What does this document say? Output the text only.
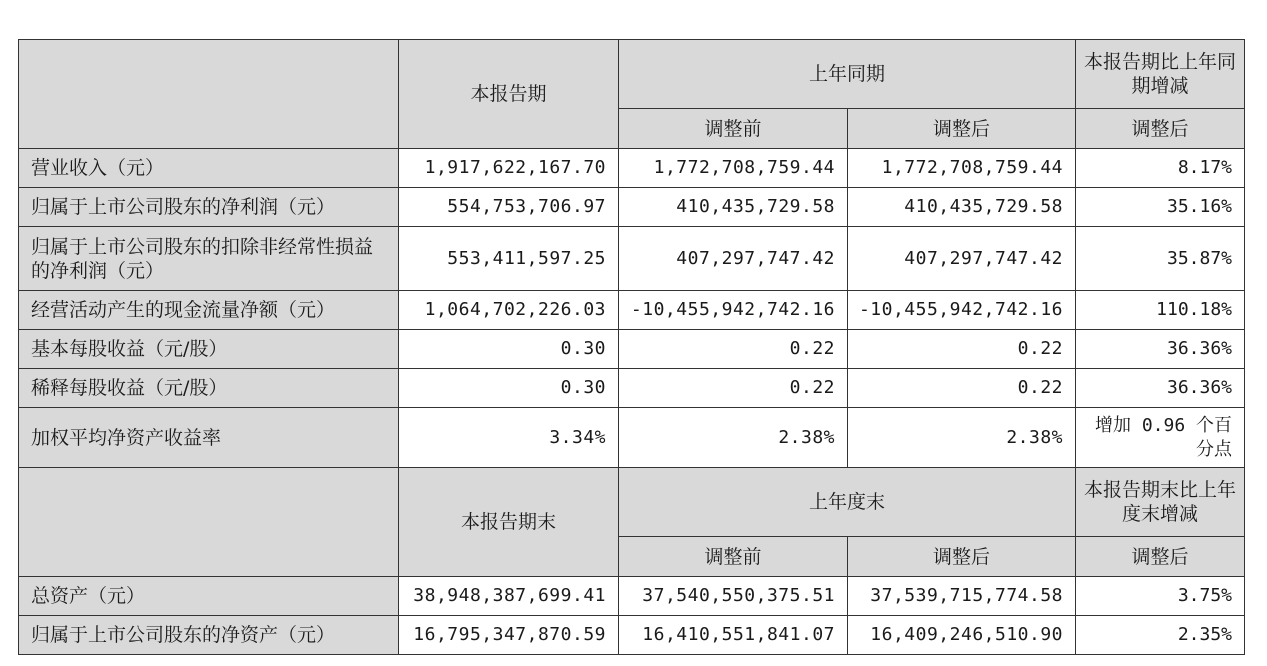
	本报告期	上年同期		本报告期比上年同期增减
		调整前	调整后	调整后
营业收入（元）	1,917,622,167.70	1,772,708,759.44	1,772,708,759.44	8.17%
归属于上市公司股东的净利润（元）	554,753,706.97	410,435,729.58	410,435,729.58	35.16%
归属于上市公司股东的扣除非经常性损益的净利润（元）	553,411,597.25	407,297,747.42	407,297,747.42	35.87%
经营活动产生的现金流量净额（元）	1,064,702,226.03	-10,455,942,742.16	-10,455,942,742.16	110.18%
基本每股收益（元/股）	0.30	0.22	0.22	36.36%
稀释每股收益（元/股）	0.30	0.22	0.22	36.36%
加权平均净资产收益率	3.34%	2.38%	2.38%	增加 0.96 个百分点
	本报告期末	上年度末		本报告期末比上年度末增减
		调整前	调整后	调整后
总资产（元）	38,948,387,699.41	37,540,550,375.51	37,539,715,774.58	3.75%
归属于上市公司股东的净资产（元）	16,795,347,870.59	16,410,551,841.07	16,409,246,510.90	2.35%
